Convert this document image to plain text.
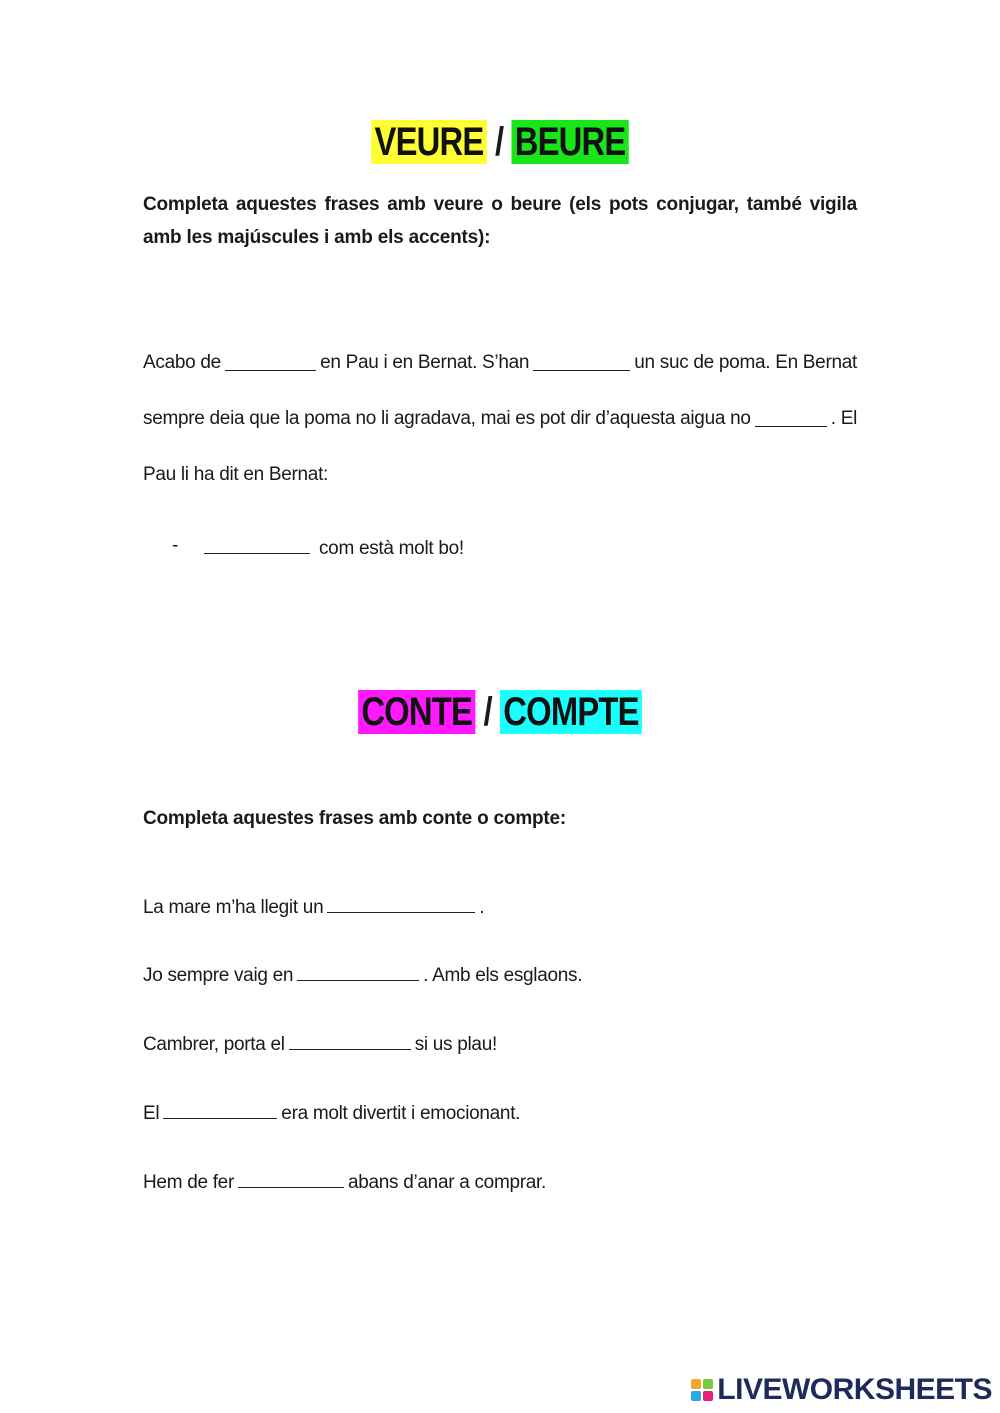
VEURE / BEURE
Completa aquestes frases amb veure o beure (els pots conjugar, també vigila amb les majúscules i amb els accents):
Acabo de	en Pau i en Bernat. S’han	un suc de poma. En Bernat
sempre deia que la poma no li agradava, mai es pot dir d’aquesta aigua no	. El
Pau li ha dit en Bernat:
-	com està molt bo!
CONTE / COMPTE
Completa aquestes frases amb conte o compte:
La mare m’ha llegit un	.
Jo sempre vaig en	. Amb els esglaons.
Cambrer, porta el	si us plau!
El	era molt divertit i emocionant.
Hem de fer	abans d’anar a comprar.
LIVEWORKSHEETS
